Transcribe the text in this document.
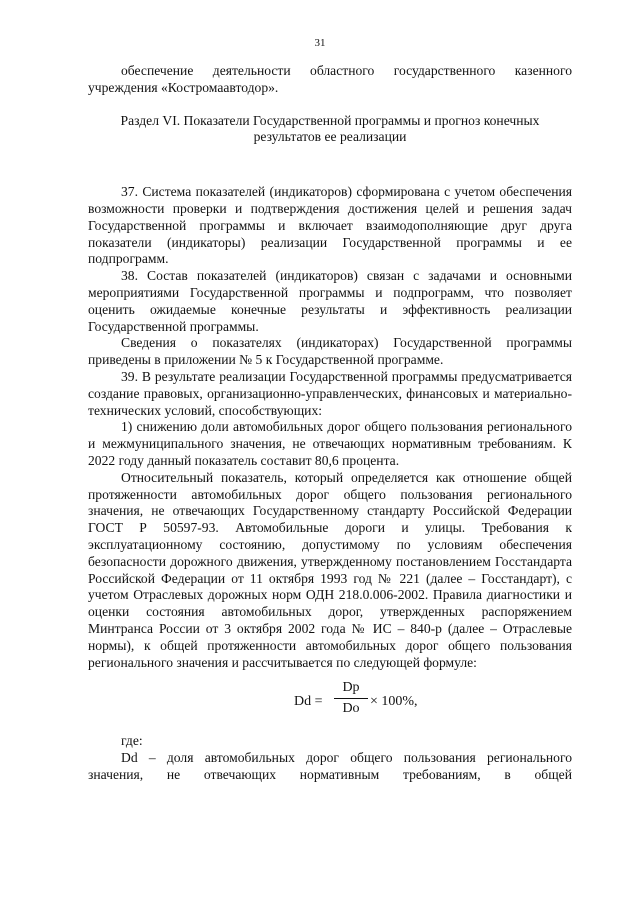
31

обеспечение деятельности областного государственного казенного учреждения «Костромаавтодор».

Раздел VI. Показатели Государственной программы и прогноз конечных

результатов ее реализации

37. Система показателей (индикаторов) сформирована с учетом обеспечения возможности проверки и подтверждения достижения целей и решения задач Государственной программы и включает взаимодополняющие друг друга показатели (индикаторы) реализации Государственной программы и ее подпрограмм.

38. Состав показателей (индикаторов) связан с задачами и основными мероприятиями Государственной программы и подпрограмм, что позволяет оценить ожидаемые конечные результаты и эффективность реализации Государственной программы.

Сведения о показателях (индикаторах) Государственной программы приведены в приложении № 5 к Государственной программе.

39. В результате реализации Государственной программы предусматривается создание правовых, организационно-управленческих, финансовых и материально-технических условий, способствующих:

1) снижению доли автомобильных дорог общего пользования регионального и межмуниципального значения, не отвечающих нормативным требованиям. К 2022 году данный показатель составит 80,6 процента.

Относительный показатель, который определяется как отношение общей протяженности автомобильных дорог общего пользования регионального значения, не отвечающих Государственному стандарту Российской Федерации ГОСТ Р 50597-93. Автомобильные дороги и улицы. Требования к эксплуатационному состоянию, допустимому по условиям обеспечения безопасности дорожного движения, утвержденному постановлением Госстандарта Российской Федерации от 11 октября 1993 год № 221 (далее – Госстандарт), с учетом Отраслевых дорожных норм ОДН 218.0.006-2002. Правила диагностики и оценки состояния автомобильных дорог, утвержденных распоряжением Минтранса России от 3 октября 2002 года № ИС – 840-р (далее – Отраслевые нормы), к общей протяженности автомобильных дорог общего пользования регионального значения и рассчитывается по следующей формуле:

Dd =
Dp
Do × 100%,

где:

Dd – доля автомобильных дорог общего пользования регионального значения, не отвечающих нормативным требованиям, в общей
